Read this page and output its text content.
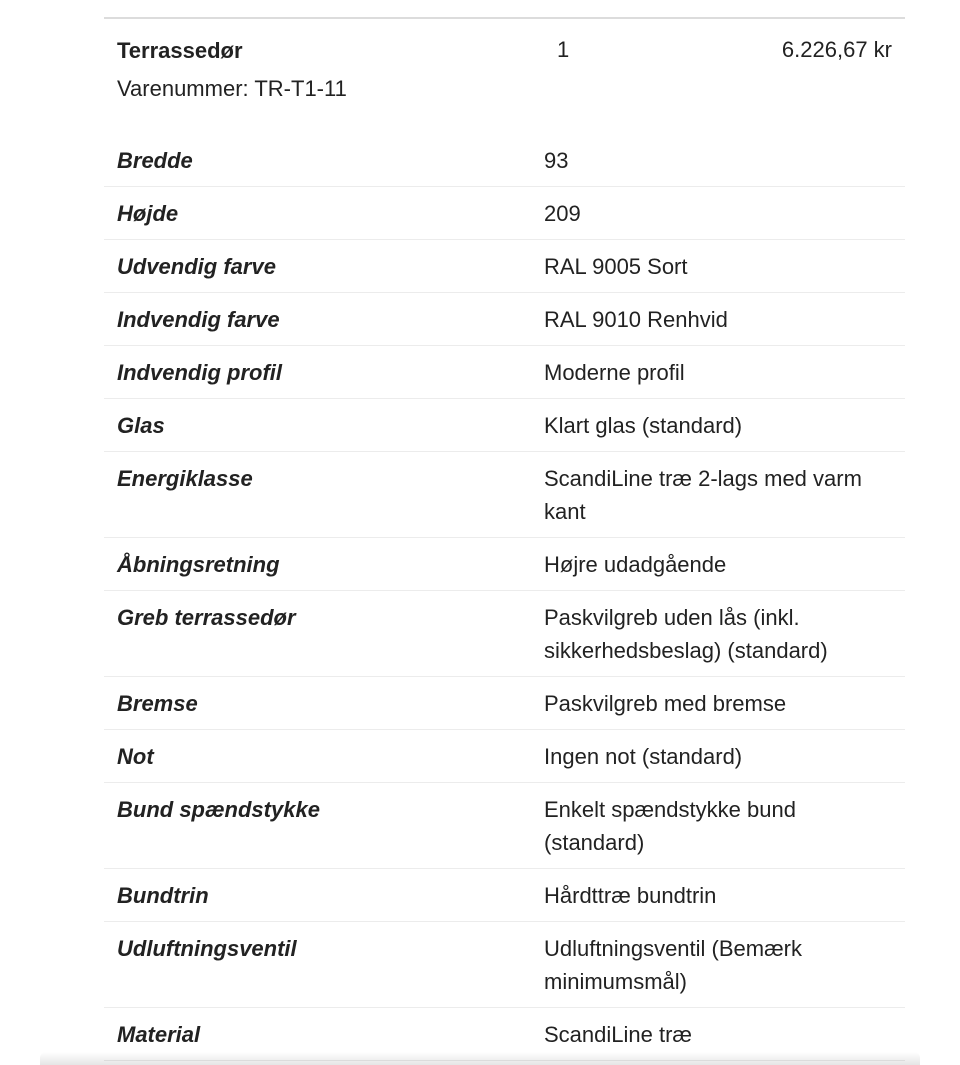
Terrassedør
Varenummer: TR-T1-11
1	6.226,67 kr
Bredde	93
Højde	209
Udvendig farve	RAL 9005 Sort
Indvendig farve	RAL 9010 Renhvid
Indvendig profil	Moderne profil
Glas	Klart glas (standard)
Energiklasse	ScandiLine træ 2-lags med varm kant
Åbningsretning	Højre udadgående
Greb terrassedør	Paskvilgreb uden lås (inkl. sikkerhedsbeslag) (standard)
Bremse	Paskvilgreb med bremse
Not	Ingen not (standard)
Bund spændstykke	Enkelt spændstykke bund (standard)
Bundtrin	Hårdttræ bundtrin
Udluftningsventil	Udluftningsventil (Bemærk minimumsmål)
Material	ScandiLine træ
